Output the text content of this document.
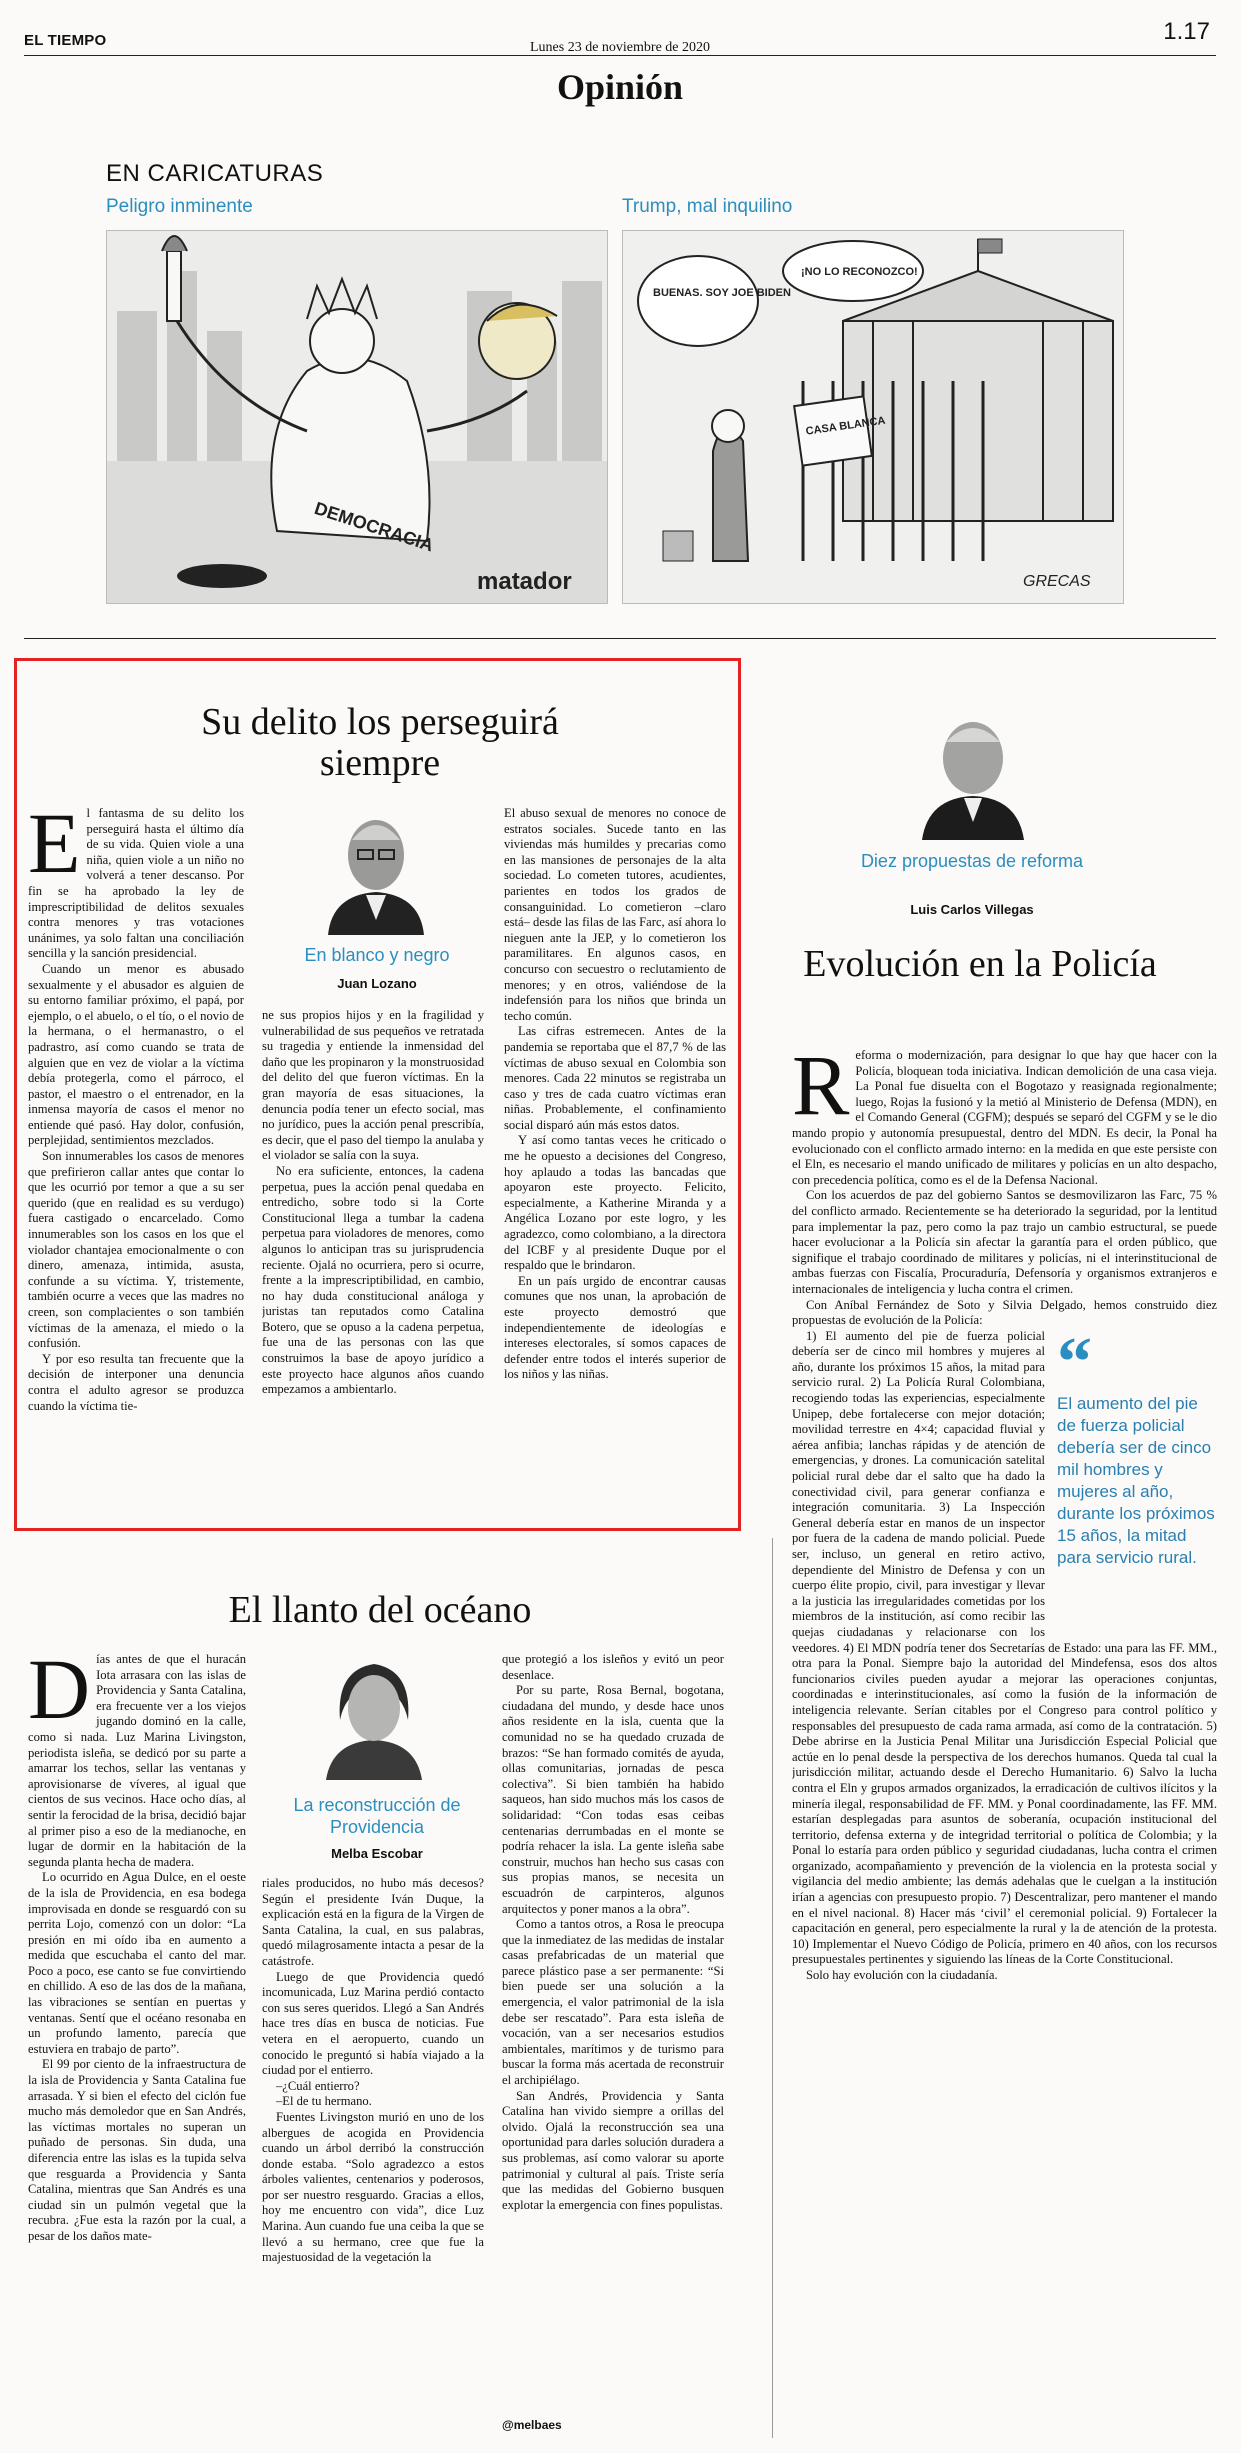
EL TIEMPO	Lunes 23 de noviembre de 2020
1.17
Opinión
EN CARICATURAS
Peligro inminente	Trump, mal inquilino
DEMOCRACIA
matador
CASA BLANCA
BUENAS. SOY JOE BIDEN
¡NO LO RECONOZCO!
GRECAS
Su delito los perseguirá siempre
E l fantasma de su delito los perseguirá hasta el último día de su vida. Quien viole a una niña, quien viole a un niño no volverá a tener descanso. Por fin se ha aprobado la ley de imprescriptibilidad de delitos sexuales contra menores y tras votaciones unánimes, ya solo faltan una conciliación sencilla y la sanción presidencial.

Cuando un menor es abusado sexualmente y el abusador es alguien de su entorno familiar próximo, el papá, por ejemplo, o el abuelo, o el tío, o el novio de la hermana, o el hermanastro, o el padrastro, así como cuando se trata de alguien que en vez de violar a la víctima debía protegerla, como el párroco, el pastor, el maestro o el entrenador, en la inmensa mayoría de casos el menor no entiende qué pasó. Hay dolor, confusión, perplejidad, sentimientos mezclados.

Son innumerables los casos de menores que prefirieron callar antes que contar lo que les ocurrió por temor a que a su ser querido (que en realidad es su verdugo) fuera castigado o encarcelado. Como innumerables son los casos en los que el violador chantajea emocionalmente o con dinero, amenaza, intimida, asusta, confunde a su víctima. Y, tristemente, también ocurre a veces que las madres no creen, son complacientes o son también víctimas de la amenaza, el miedo o la confusión.

Y por eso resulta tan frecuente que la decisión de interponer una denuncia contra el adulto agresor se produzca cuando la víctima tie-

En blanco y negro
Juan Lozano

ne sus propios hijos y en la fragilidad y vulnerabilidad de sus pequeños ve retratada su tragedia y entiende la inmensidad del daño que les propinaron y la monstruosidad del delito del que fueron víctimas. En la gran mayoría de esas situaciones, la denuncia podía tener un efecto social, mas no jurídico, pues la acción penal prescribía, es decir, que el paso del tiempo la anulaba y el violador se salía con la suya.

No era suficiente, entonces, la cadena perpetua, pues la acción penal quedaba en entredicho, sobre todo si la Corte Constitucional llega a tumbar la cadena perpetua para violadores de menores, como algunos lo anticipan tras su jurisprudencia reciente. Ojalá no ocurriera, pero si ocurre, frente a la imprescriptibilidad, en cambio, no hay duda constitucional análoga y juristas tan reputados como Catalina Botero, que se opuso a la cadena perpetua, fue una de las personas con las que construimos la base de apoyo jurídico a este proyecto hace algunos años cuando empezamos a ambientarlo.

El abuso sexual de menores no conoce de estratos sociales. Sucede tanto en las viviendas más humildes y precarias como en las mansiones de personajes de la alta sociedad. Lo cometen tutores, acudientes, parientes en todos los grados de consanguinidad. Lo cometieron –claro está– desde las filas de las Farc, así ahora lo nieguen ante la JEP, y lo cometieron los paramilitares. En algunos casos, en concurso con secuestro o reclutamiento de menores; y en otros, valiéndose de la indefensión para los niños que brinda un techo común.

Las cifras estremecen. Antes de la pandemia se reportaba que el 87,7 % de las víctimas de abuso sexual en Colombia son menores. Cada 22 minutos se registraba un caso y tres de cada cuatro víctimas eran niñas. Probablemente, el confinamiento social disparó aún más estos datos.

Y así como tantas veces he criticado o me he opuesto a decisiones del Congreso, hoy aplaudo a todas las bancadas que apoyaron este proyecto. Felicito, especialmente, a Katherine Miranda y a Angélica Lozano por este logro, y les agradezco, como colombiano, a la directora del ICBF y al presidente Duque por el respaldo que le brindaron.

En un país urgido de encontrar causas comunes que nos unan, la aprobación de este proyecto demostró que independientemente de ideologías e intereses electorales, sí somos capaces de defender entre todos el interés superior de los niños y las niñas.

Diez propuestas de reforma
Luis Carlos Villegas
Evolución en la Policía
R eforma o modernización, para designar lo que hay que hacer con la Policía, bloquean toda iniciativa. Indican demolición de una casa vieja. La Ponal fue disuelta con el Bogotazo y reasignada regionalmente; luego, Rojas la fusionó y la metió al Ministerio de Defensa (MDN), en el Comando General (CGFM); después se separó del CGFM y se le dio mando propio y autonomía presupuestal, dentro del MDN. Es decir, la Ponal ha evolucionado con el conflicto armado interno: en la medida en que este persiste con el Eln, es necesario el mando unificado de militares y policías en un alto despacho, con precedencia política, como es el de la Defensa Nacional.

Con los acuerdos de paz del gobierno Santos se desmovilizaron las Farc, 75 % del conflicto armado. Recientemente se ha deteriorado la seguridad, por la lentitud para implementar la paz, pero como la paz trajo un cambio estructural, se puede hacer evolucionar a la Policía sin afectar la garantía para el orden público, que signifique el trabajo coordinado de militares y policías, ni el interinstitucional de ambas fuerzas con Fiscalía, Procuraduría, Defensoría y organismos extranjeros e internacionales de inteligencia y lucha contra el crimen.

Con Aníbal Fernández de Soto y Silvia Delgado, hemos construido diez propuestas de evolución de la Policía:

“
El aumento del pie de fuerza policial debería ser de cinco mil hombres y mujeres al año, durante los próximos 15 años, la mitad para servicio rural.

1) El aumento del pie de fuerza policial debería ser de cinco mil hombres y mujeres al año, durante los próximos 15 años, la mitad para servicio rural. 2) La Policía Rural Colombiana, recogiendo todas las experiencias, especialmente Unipep, debe fortalecerse con mejor dotación; movilidad terrestre en 4×4; capacidad fluvial y aérea anfibia; lanchas rápidas y de atención de emergencias, y drones. La comunicación satelital policial rural debe dar el salto que ha dado la conectividad civil, para generar confianza e integración comunitaria. 3) La Inspección General debería estar en manos de un inspector por fuera de la cadena de mando policial. Puede ser, incluso, un general en retiro activo, dependiente del Ministro de Defensa y con un cuerpo élite propio, civil, para investigar y llevar a la justicia las irregularidades cometidas por los miembros de la institución, así como recibir las quejas ciudadanas y relacionarse con los veedores. 4) El MDN podría tener dos Secretarías de Estado: una para las FF. MM., otra para la Ponal. Siempre bajo la autoridad del Mindefensa, esos dos altos funcionarios civiles pueden ayudar a mejorar las operaciones conjuntas, coordinadas e interinstitucionales, así como la fusión de la información de inteligencia relevante. Serían citables por el Congreso para control político y responsables del presupuesto de cada rama armada, así como de la contratación. 5) Debe abrirse en la Justicia Penal Militar una Jurisdicción Especial Policial que actúe en lo penal desde la perspectiva de los derechos humanos. Queda tal cual la jurisdicción militar, actuando desde el Derecho Humanitario. 6) Salvo la lucha contra el Eln y grupos armados organizados, la erradicación de cultivos ilícitos y la minería ilegal, responsabilidad de FF. MM. y Ponal coordinadamente, las FF. MM. estarían desplegadas para asuntos de soberanía, ocupación institucional del territorio, defensa externa y de integridad territorial o política de Colombia; y la Ponal lo estaría para orden público y seguridad ciudadanas, lucha contra el crimen organizado, acompañamiento y prevención de la violencia en la protesta social y vigilancia del medio ambiente; las demás adehalas que le cuelgan a la institución irían a agencias con presupuesto propio. 7) Descentralizar, pero mantener el mando en el nivel nacional. 8) Hacer más ‘civil’ el ceremonial policial. 9) Fortalecer la capacitación en general, pero especialmente la rural y la de atención de la protesta. 10) Implementar el Nuevo Código de Policía, primero en 40 años, con los recursos presupuestales pertinentes y siguiendo las líneas de la Corte Constitucional.

Solo hay evolución con la ciudadanía.

El llanto del océano
D ías antes de que el huracán Iota arrasara con las islas de Providencia y Santa Catalina, era frecuente ver a los viejos jugando dominó en la calle, como si nada. Luz Marina Livingston, periodista isleña, se dedicó por su parte a amarrar los techos, sellar las ventanas y aprovisionarse de víveres, al igual que cientos de sus vecinos. Hace ocho días, al sentir la ferocidad de la brisa, decidió bajar al primer piso a eso de la medianoche, en lugar de dormir en la habitación de la segunda planta hecha de madera.

Lo ocurrido en Agua Dulce, en el oeste de la isla de Providencia, en esa bodega improvisada en donde se resguardó con su perrita Lojo, comenzó con un dolor: “La presión en mi oído iba en aumento a medida que escuchaba el canto del mar. Poco a poco, ese canto se fue convirtiendo en chillido. A eso de las dos de la mañana, las vibraciones se sentían en puertas y ventanas. Sentí que el océano resonaba en un profundo lamento, parecía que estuviera en trabajo de parto”.

El 99 por ciento de la infraestructura de la isla de Providencia y Santa Catalina fue arrasada. Y si bien el efecto del ciclón fue mucho más demoledor que en San Andrés, las víctimas mortales no superan un puñado de personas. Sin duda, una diferencia entre las islas es la tupida selva que resguarda a Providencia y Santa Catalina, mientras que San Andrés es una ciudad sin un pulmón vegetal que la recubra. ¿Fue esta la razón por la cual, a pesar de los daños mate-

La reconstrucción de Providencia
Melba Escobar

riales producidos, no hubo más decesos? Según el presidente Iván Duque, la explicación está en la figura de la Virgen de Santa Catalina, la cual, en sus palabras, quedó milagrosamente intacta a pesar de la catástrofe.

Luego de que Providencia quedó incomunicada, Luz Marina perdió contacto con sus seres queridos. Llegó a San Andrés hace tres días en busca de noticias. Fue vetera en el aeropuerto, cuando un conocido le preguntó si había viajado a la ciudad por el entierro.

–¿Cuál entierro?

–El de tu hermano.

Fuentes Livingston murió en uno de los albergues de acogida en Providencia cuando un árbol derribó la construcción donde estaba. “Solo agradezco a estos árboles valientes, centenarios y poderosos, por ser nuestro resguardo. Gracias a ellos, hoy me encuentro con vida”, dice Luz Marina. Aun cuando fue una ceiba la que se llevó a su hermano, cree que fue la majestuosidad de la vegetación la

que protegió a los isleños y evitó un peor desenlace.

Por su parte, Rosa Bernal, bogotana, ciudadana del mundo, y desde hace unos años residente en la isla, cuenta que la comunidad no se ha quedado cruzada de brazos: “Se han formado comités de ayuda, ollas comunitarias, jornadas de pesca colectiva”. Si bien también ha habido saqueos, han sido muchos más los casos de solidaridad: “Con todas esas ceibas centenarias derrumbadas en el monte se podría rehacer la isla. La gente isleña sabe construir, muchos han hecho sus casas con sus propias manos, se necesita un escuadrón de carpinteros, algunos arquitectos y poner manos a la obra”.

Como a tantos otros, a Rosa le preocupa que la inmediatez de las medidas de instalar casas prefabricadas de un material que parece plástico pase a ser permanente: “Si bien puede ser una solución a la emergencia, el valor patrimonial de la isla debe ser rescatado”. Para esta isleña de vocación, van a ser necesarios estudios ambientales, marítimos y de turismo para buscar la forma más acertada de reconstruir el archipiélago.

San Andrés, Providencia y Santa Catalina han vivido siempre a orillas del olvido. Ojalá la reconstrucción sea una oportunidad para darles solución duradera a sus problemas, así como valorar su aporte patrimonial y cultural al país. Triste sería que las medidas del Gobierno busquen explotar la emergencia con fines populistas.

@melbaes
